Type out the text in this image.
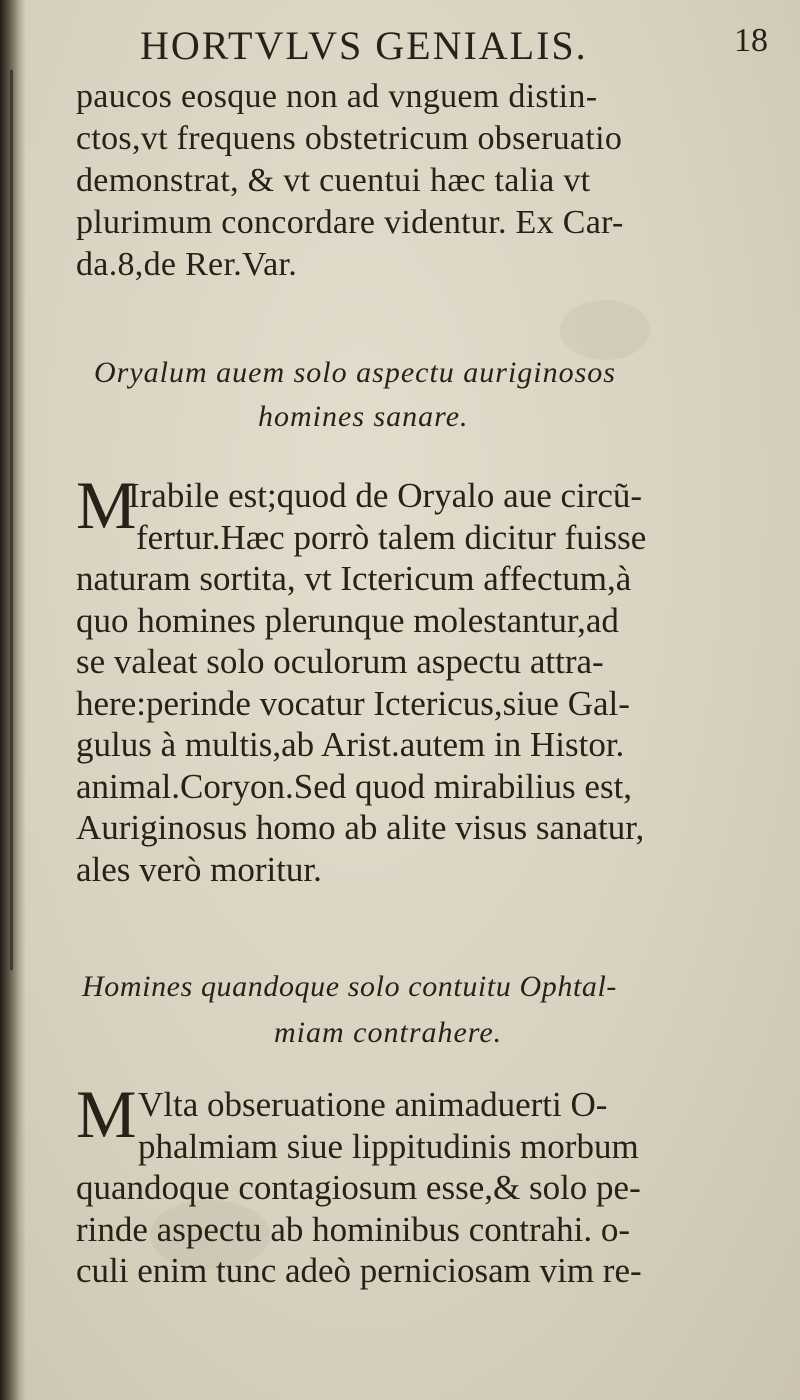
HORTVLVS GENIALIS.	18
paucos eosque non ad vnguem distin-
ctos,vt frequens obstetricum obseruatio
demonstrat, & vt cuentui hæc talia vt
plurimum concordare videntur. Ex Car-
da.8,de Rer.Var.
Oryalum auem solo aspectu auriginosos
homines sanare.
M
Irabile est;quod de Oryalo aue circũ-
fertur.Hæc porrò talem dicitur fuisse
naturam sortita, vt Ictericum affectum,à
quo homines plerunque molestantur,ad
se valeat solo oculorum aspectu attra-
here:perinde vocatur Ictericus,siue Gal-
gulus à multis,ab Arist.autem in Histor.
animal.Coryon.Sed quod mirabilius est,
Auriginosus homo ab alite visus sanatur,
ales verò moritur.
Homines quandoque solo contuitu Ophtal-
miam contrahere.
M Vlta obseruatione animaduerti O-
phalmiam siue lippitudinis morbum
quandoque contagiosum esse,& solo pe-
rinde aspectu ab hominibus contrahi. o-
culi enim tunc adeò perniciosam vim re-
